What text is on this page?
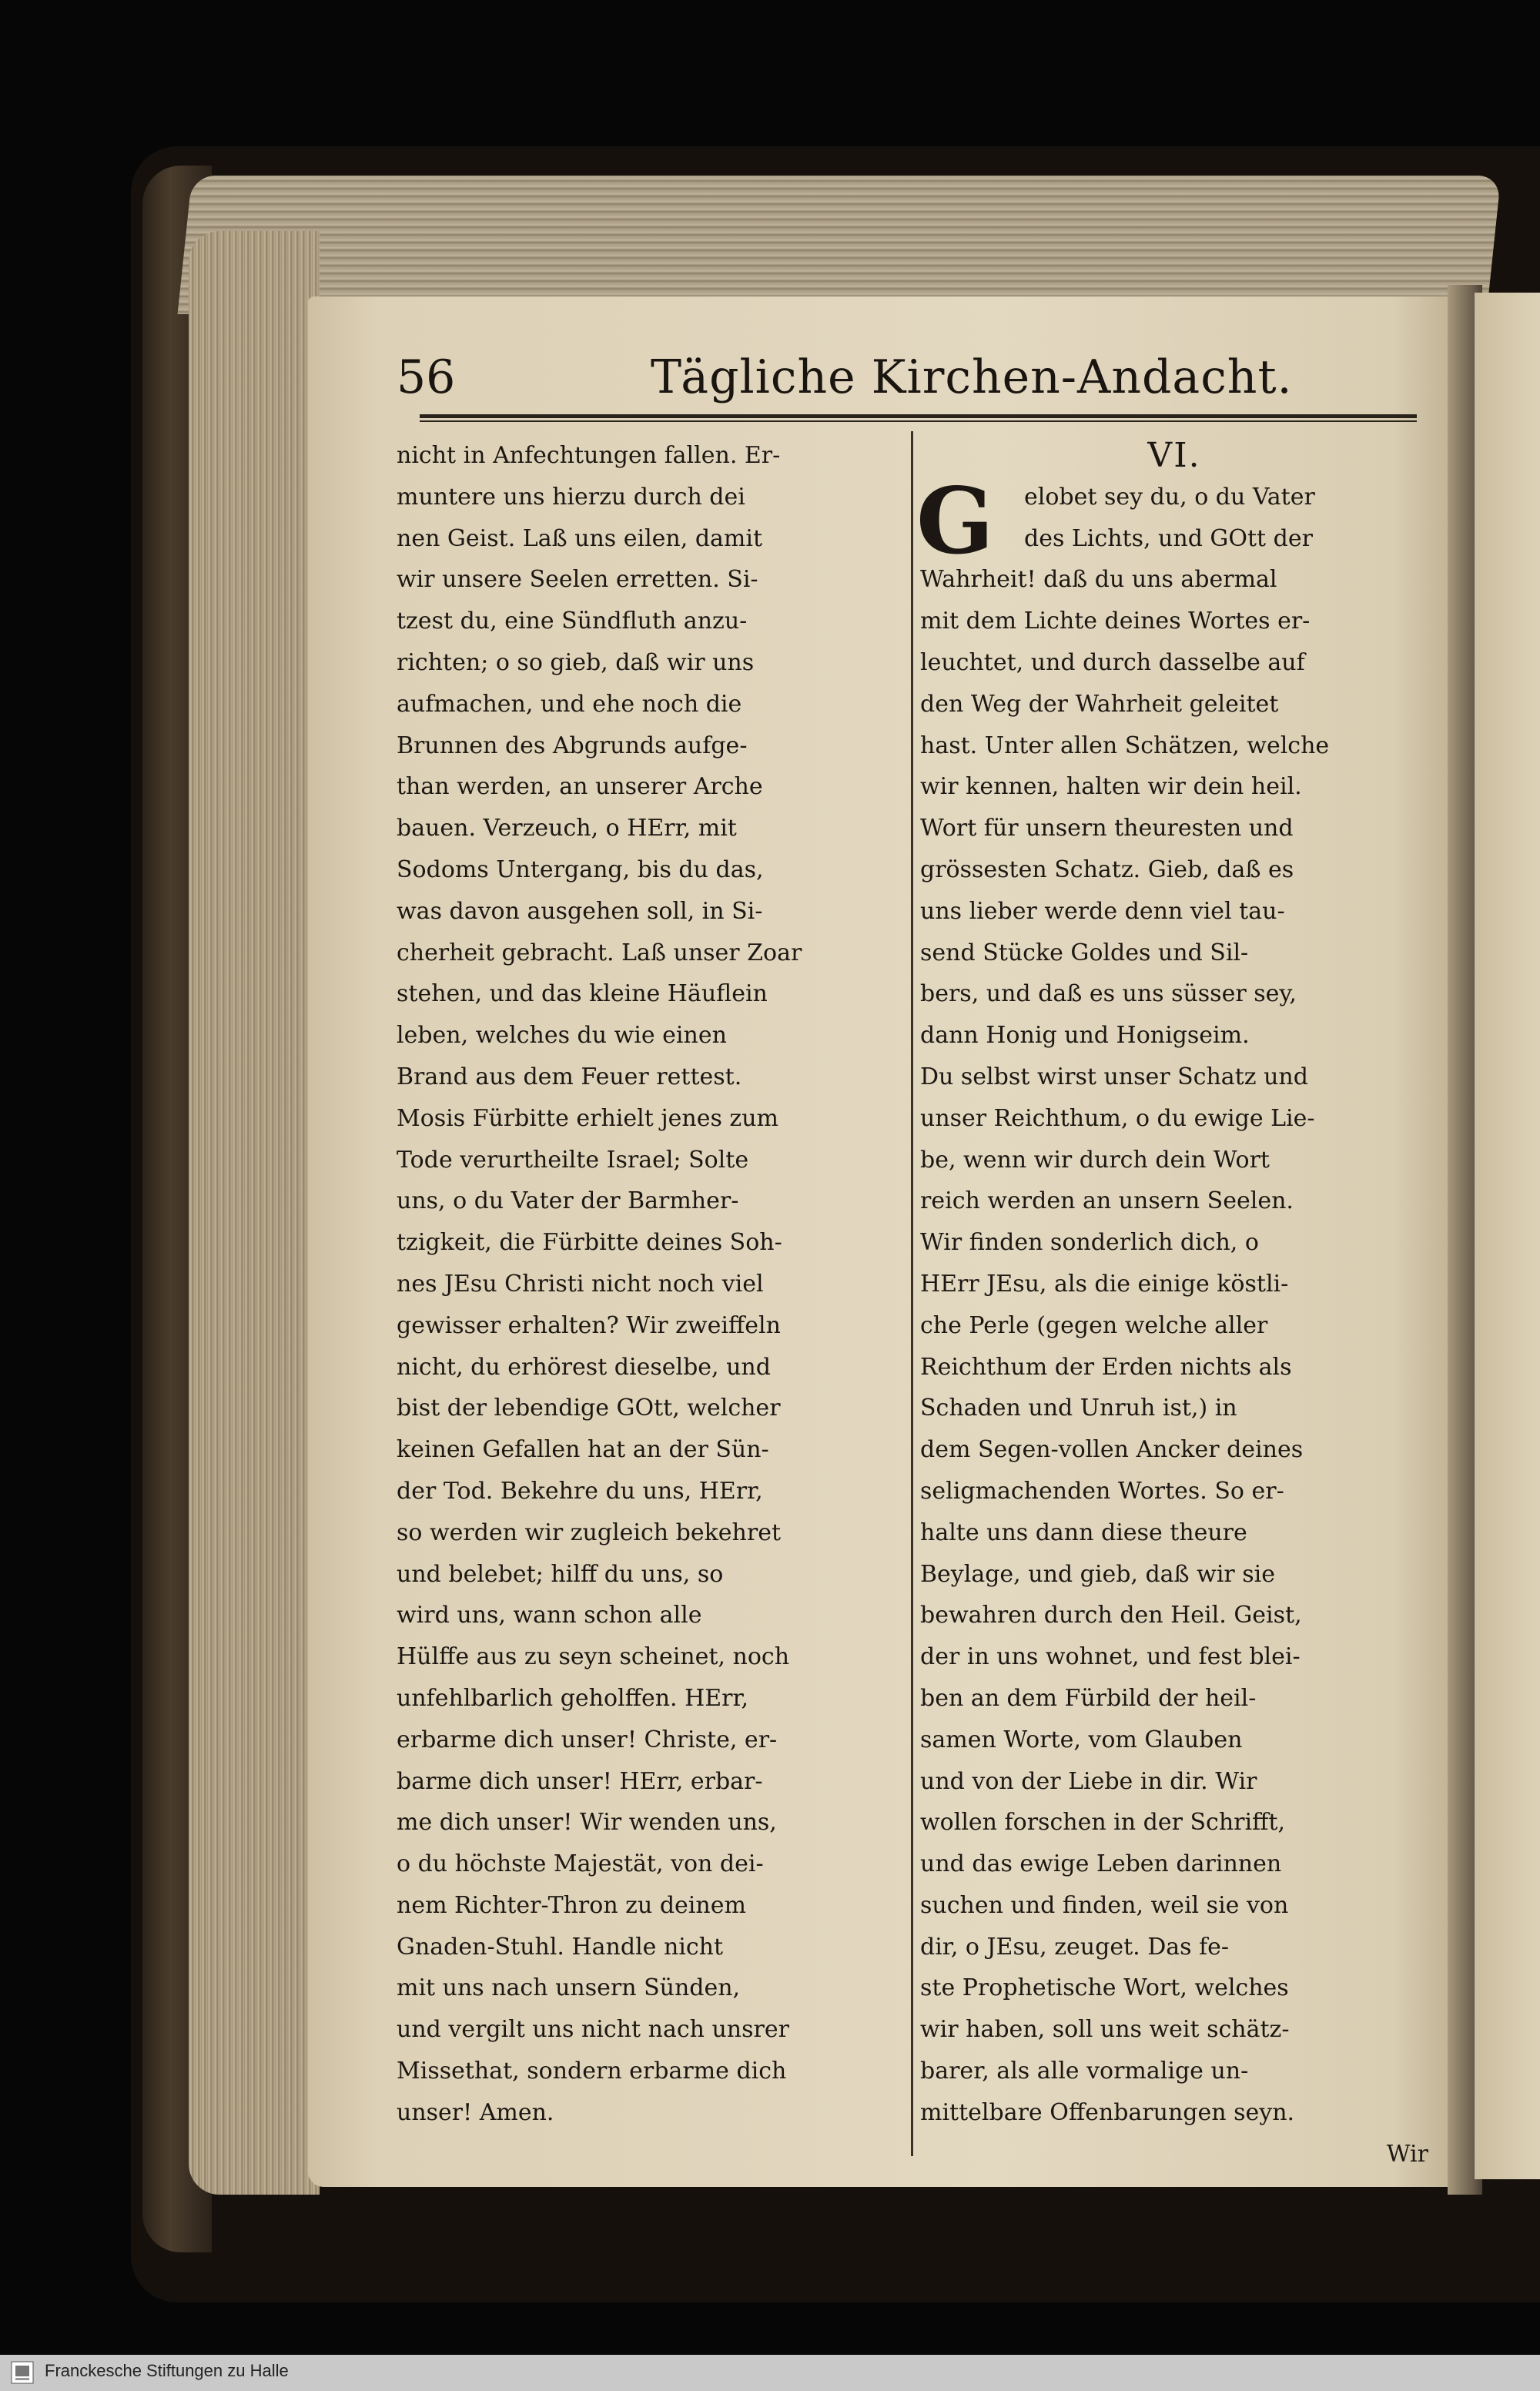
56	Tägliche Kirchen-Andacht.
nicht in Anfechtungen fallen. Er-
muntere uns hierzu durch dei
nen Geist. Laß uns eilen, damit
wir unsere Seelen erretten. Si-
tzest du, eine Sündfluth anzu-
richten; o so gieb, daß wir uns
aufmachen, und ehe noch die
Brunnen des Abgrunds aufge-
than werden, an unserer Arche
bauen. Verzeuch, o HErr, mit
Sodoms Untergang, bis du das,
was davon ausgehen soll, in Si-
cherheit gebracht. Laß unser Zoar
stehen, und das kleine Häuflein
leben, welches du wie einen
Brand aus dem Feuer rettest.
Mosis Fürbitte erhielt jenes zum
Tode verurtheilte Israel; Solte
uns, o du Vater der Barmher-
tzigkeit, die Fürbitte deines Soh-
nes JEsu Christi nicht noch viel
gewisser erhalten? Wir zweiffeln
nicht, du erhörest dieselbe, und
bist der lebendige GOtt, welcher
keinen Gefallen hat an der Sün-
der Tod. Bekehre du uns, HErr,
so werden wir zugleich bekehret
und belebet; hilff du uns, so
wird uns, wann schon alle
Hülffe aus zu seyn scheinet, noch
unfehlbarlich geholffen. HErr,
erbarme dich unser! Christe, er-
barme dich unser! HErr, erbar-
me dich unser! Wir wenden uns,
o du höchste Majestät, von dei-
nem Richter-Thron zu deinem
Gnaden-Stuhl. Handle nicht
mit uns nach unsern Sünden,
und vergilt uns nicht nach unsrer
Missethat, sondern erbarme dich
unser! Amen.
VI.
elobet sey du, o du Vater
des Lichts, und GOtt der
Wahrheit! daß du uns abermal
mit dem Lichte deines Wortes er-
leuchtet, und durch dasselbe auf
den Weg der Wahrheit geleitet
hast. Unter allen Schätzen, welche
wir kennen, halten wir dein heil.
Wort für unsern theuresten und
grössesten Schatz. Gieb, daß es
uns lieber werde denn viel tau-
send Stücke Goldes und Sil-
bers, und daß es uns süsser sey,
dann Honig und Honigseim.
Du selbst wirst unser Schatz und
unser Reichthum, o du ewige Lie-
be, wenn wir durch dein Wort
reich werden an unsern Seelen.
Wir finden sonderlich dich, o
HErr JEsu, als die einige köstli-
che Perle (gegen welche aller
Reichthum der Erden nichts als
Schaden und Unruh ist,) in
dem Segen-vollen Ancker deines
seligmachenden Wortes. So er-
halte uns dann diese theure
Beylage, und gieb, daß wir sie
bewahren durch den Heil. Geist,
der in uns wohnet, und fest blei-
ben an dem Fürbild der heil-
samen Worte, vom Glauben
und von der Liebe in dir. Wir
wollen forschen in der Schrifft,
und das ewige Leben darinnen
suchen und finden, weil sie von
dir, o JEsu, zeuget. Das fe-
ste Prophetische Wort, welches
wir haben, soll uns weit schätz-
barer, als alle vormalige un-
mittelbare Offenbarungen seyn.
Wir
G
Franckesche Stiftungen zu Halle
